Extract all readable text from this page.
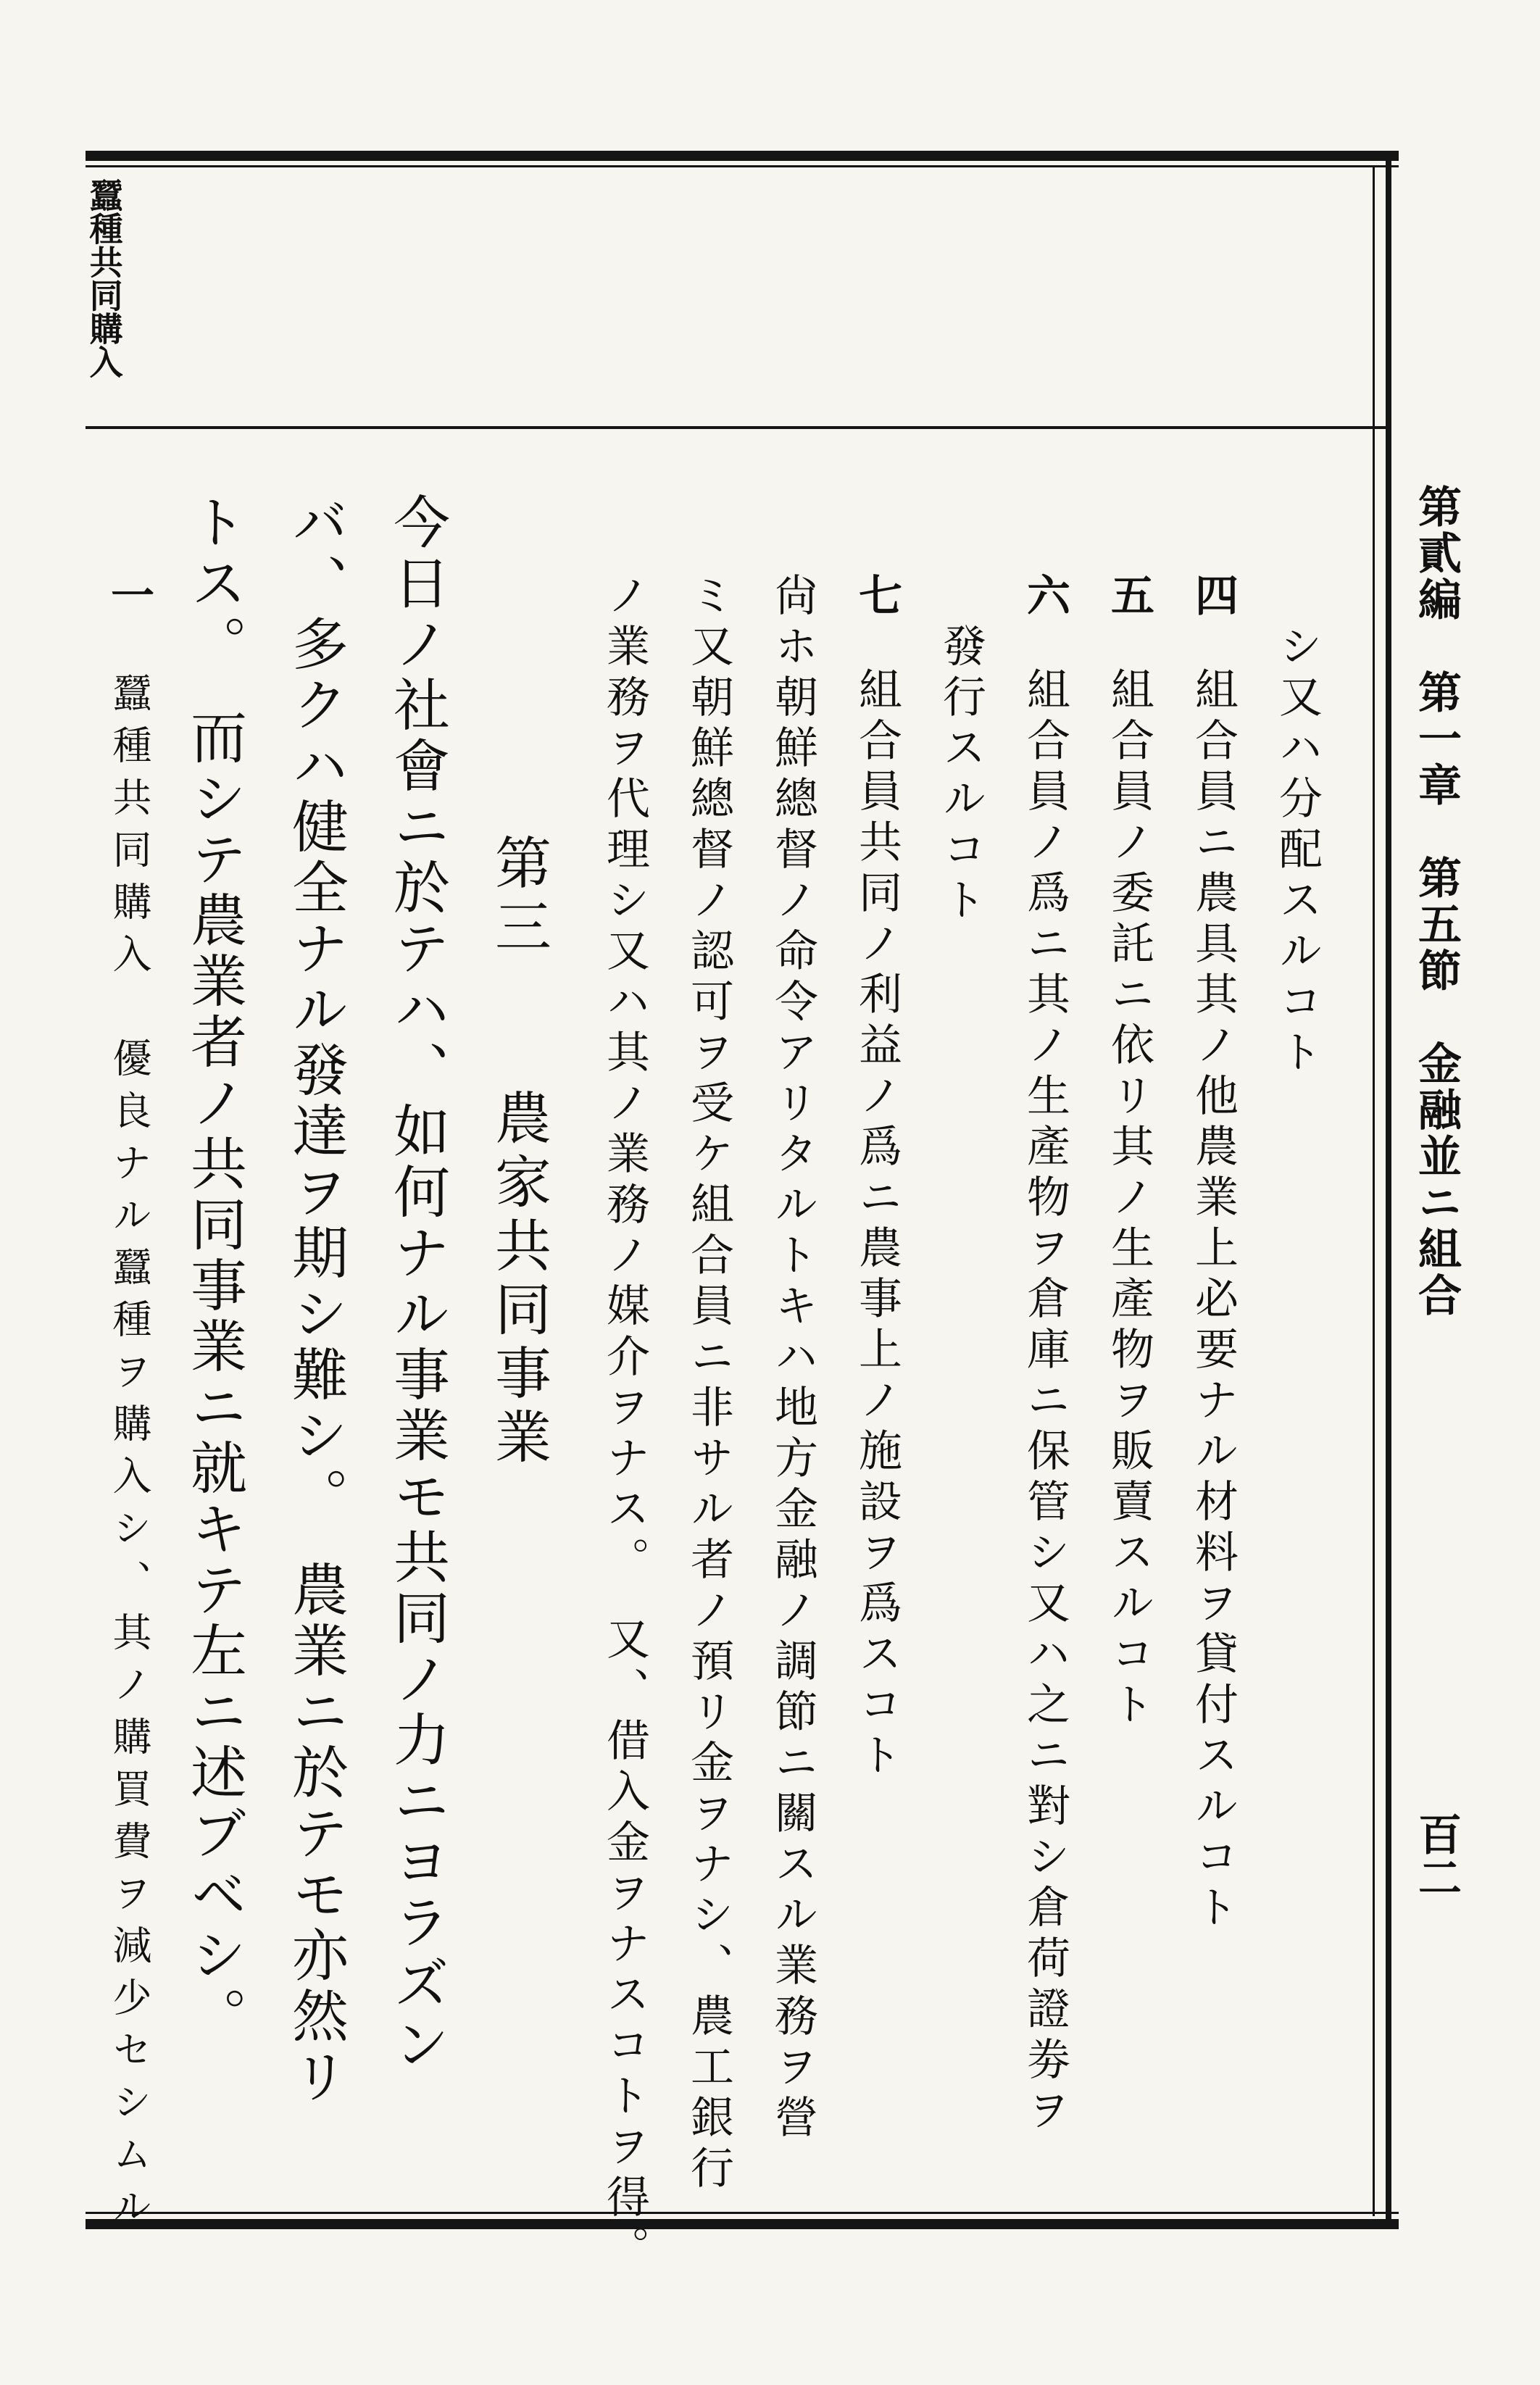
第貳編　第一章　第五節　金融並ニ組合
百二
蠶種共同購入
シ又ハ分配スルコト
四組合員ニ農具其ノ他農業上必要ナル材料ヲ貸付スルコト
五組合員ノ委託ニ依リ其ノ生產物ヲ販賣スルコト
六組合員ノ爲ニ其ノ生產物ヲ倉庫ニ保管シ又ハ之ニ對シ倉荷證劵ヲ
發行スルコト
七組合員共同ノ利益ノ爲ニ農事上ノ施設ヲ爲スコト
尙ホ朝鮮總督ノ命令アリタルトキハ地方金融ノ調節ニ關スル業務ヲ營
ミ又朝鮮總督ノ認可ヲ受ケ組合員ニ非サル者ノ預リ金ヲナシ、農工銀行
ノ業務ヲ代理シ又ハ其ノ業務ノ媒介ヲナス。　又、借入金ヲナスコトヲ得。
第三　　農家共同事業
今日ノ社會ニ於テハ、如何ナル事業モ共同ノ力ニヨラズン
バ、多クハ健全ナル發達ヲ期シ難シ。　農業ニ於テモ亦然リ
トス。　而シテ農業者ノ共同事業ニ就キテ左ニ述ブベシ。
一蠶種共同購入　優良ナル蠶種ヲ購入シ、其ノ購買費ヲ減少セシムル
